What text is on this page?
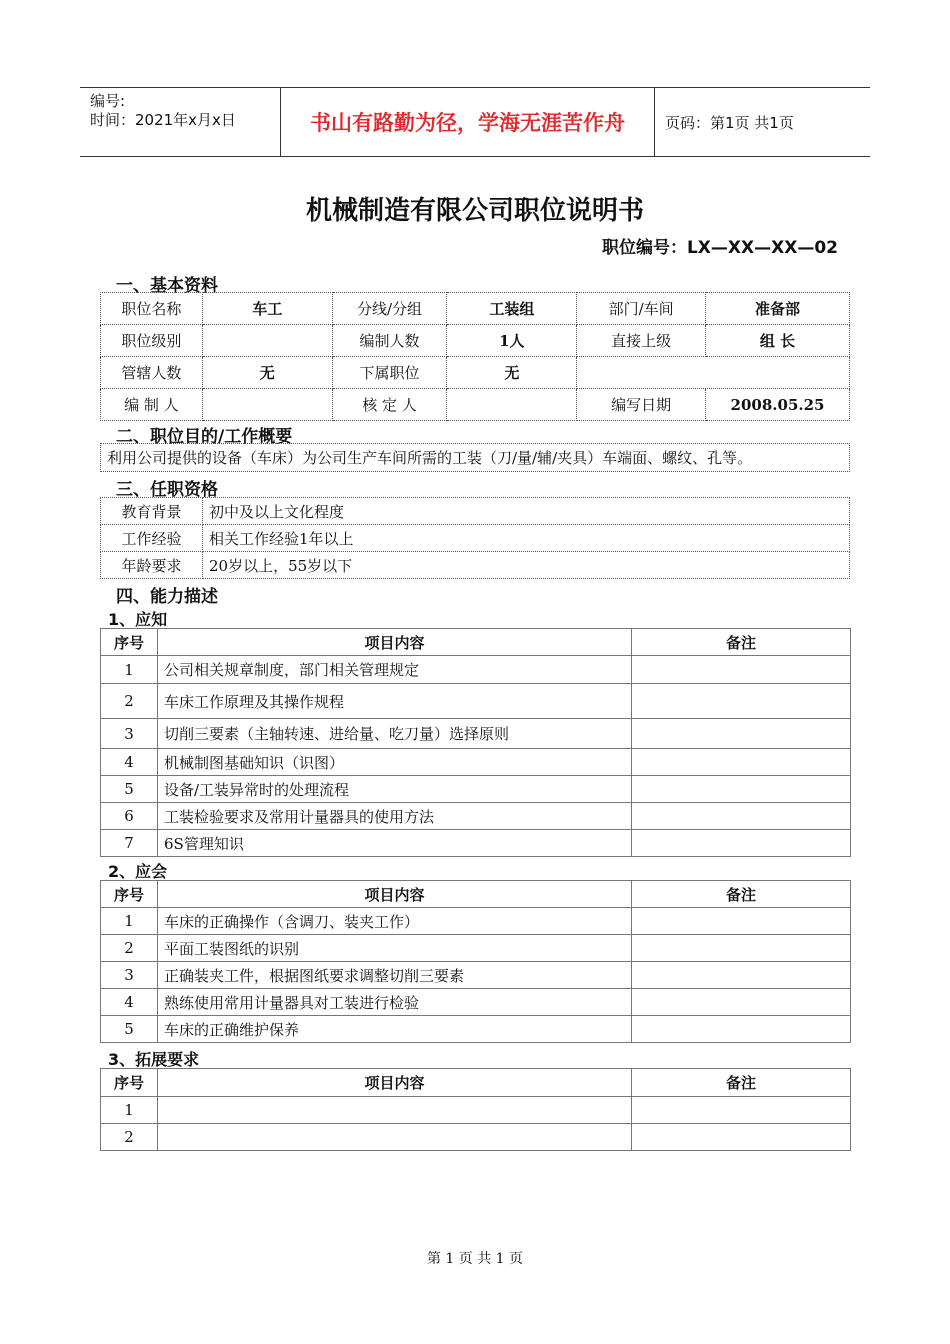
编号:
时间：2021年x月x日	书山有路勤为径，学海无涯苦作舟	页码：第1页 共1页
机械制造有限公司职位说明书
职位编号：LX—XX—XX—02
一、基本资料
职位名称	车工	分线/分组	工装组	部门/车间	准备部
职位级别		编制人数	1人	直接上级	组 长
管辖人数	无	下属职位	无		
编 制 人		核 定 人		编写日期	2008.05.25
二、职位目的/工作概要
利用公司提供的设备（车床）为公司生产车间所需的工装（刀/量/辅/夹具）车端面、螺纹、孔等。
三、任职资格
教育背景	初中及以上文化程度
工作经验	相关工作经验1年以上
年龄要求	20岁以上，55岁以下
四、能力描述
1、应知
序号	项目内容	备注
1	公司相关规章制度，部门相关管理规定	
2	车床工作原理及其操作规程	
3	切削三要素（主轴转速、进给量、吃刀量）选择原则	
4	机械制图基础知识（识图）	
5	设备/工装异常时的处理流程	
6	工装检验要求及常用计量器具的使用方法	
7	6S管理知识	
2、应会
序号	项目内容	备注
1	车床的正确操作（含调刀、装夹工作）	
2	平面工装图纸的识别	
3	正确装夹工件，根据图纸要求调整切削三要素	
4	熟练使用常用计量器具对工装进行检验	
5	车床的正确维护保养	
3、拓展要求
序号	项目内容	备注
1		
2		
第 1 页 共 1 页
